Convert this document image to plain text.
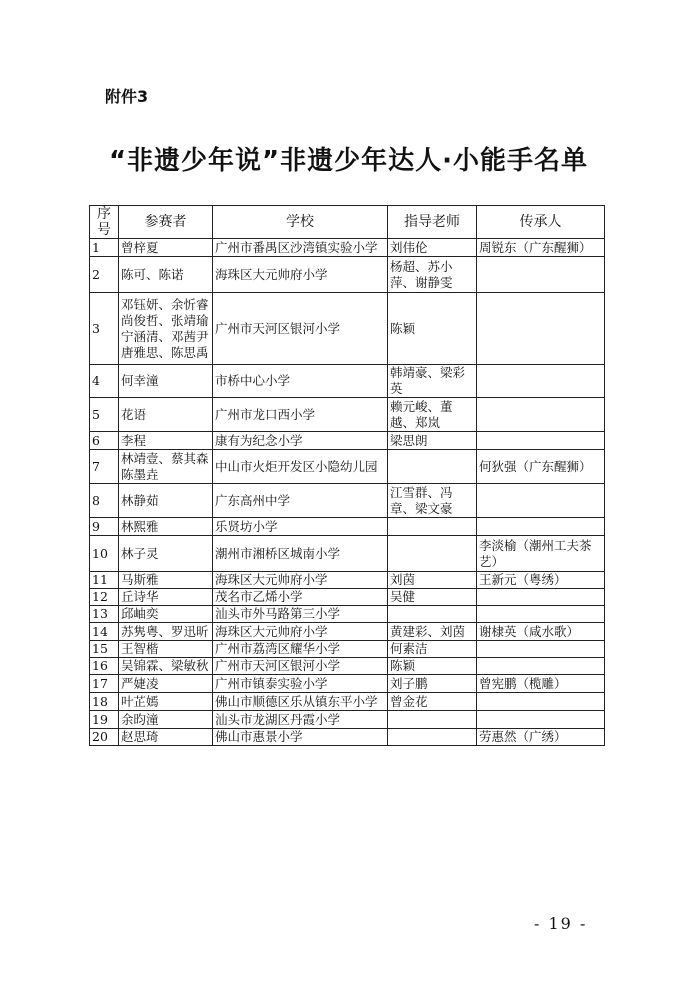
附件3
“非遗少年说”非遗少年达人·小能手名单
序号	参赛者	学校	指导老师	传承人
1	曾梓夏	广州市番禺区沙湾镇实验小学	刘伟伦	周锐东（广东醒狮）
2	陈可、陈诺	海珠区大元帅府小学	杨超、苏小萍、谢静雯	
3	邓钰妍、余忻睿尚俊哲、张靖瑜宁涵清、邓茜尹唐雅思、陈思禹	广州市天河区银河小学	陈颖	
4	何幸潼	市桥中心小学	韩靖豪、梁彩英	
5	花语	广州市龙口西小学	赖元峻、董越、郑岚	
6	李程	康有为纪念小学	梁思朗	
7	林靖壹、蔡其森陈墨垚	中山市火炬开发区小隐幼儿园		何狄强（广东醒狮）
8	林静茹	广东高州中学	江雪群、冯章、梁文豪	
9	林熙雅	乐贤坊小学		
10	林子灵	潮州市湘桥区城南小学		李淡榆（潮州工夫茶艺）
11	马斯雅	海珠区大元帅府小学	刘茵	王新元（粤绣）
12	丘诗华	茂名市乙烯小学	吴健	
13	邱岫奕	汕头市外马路第三小学		
14	苏隽粤、罗迅昕	海珠区大元帅府小学	黄建彩、刘茵	谢棣英（咸水歌）
15	王智楷	广州市荔湾区耀华小学	何素洁	
16	吴锦霖、梁敏秋	广州市天河区银河小学	陈颖	
17	严婕凌	广州市镇泰实验小学	刘子鹏	曾宪鹏（榄雕）
18	叶芷嫣	佛山市顺德区乐从镇东平小学	曾金花	
19	余昀潼	汕头市龙湖区丹霞小学		
20	赵思琦	佛山市惠景小学		劳惠然（广绣）
- 19 -
